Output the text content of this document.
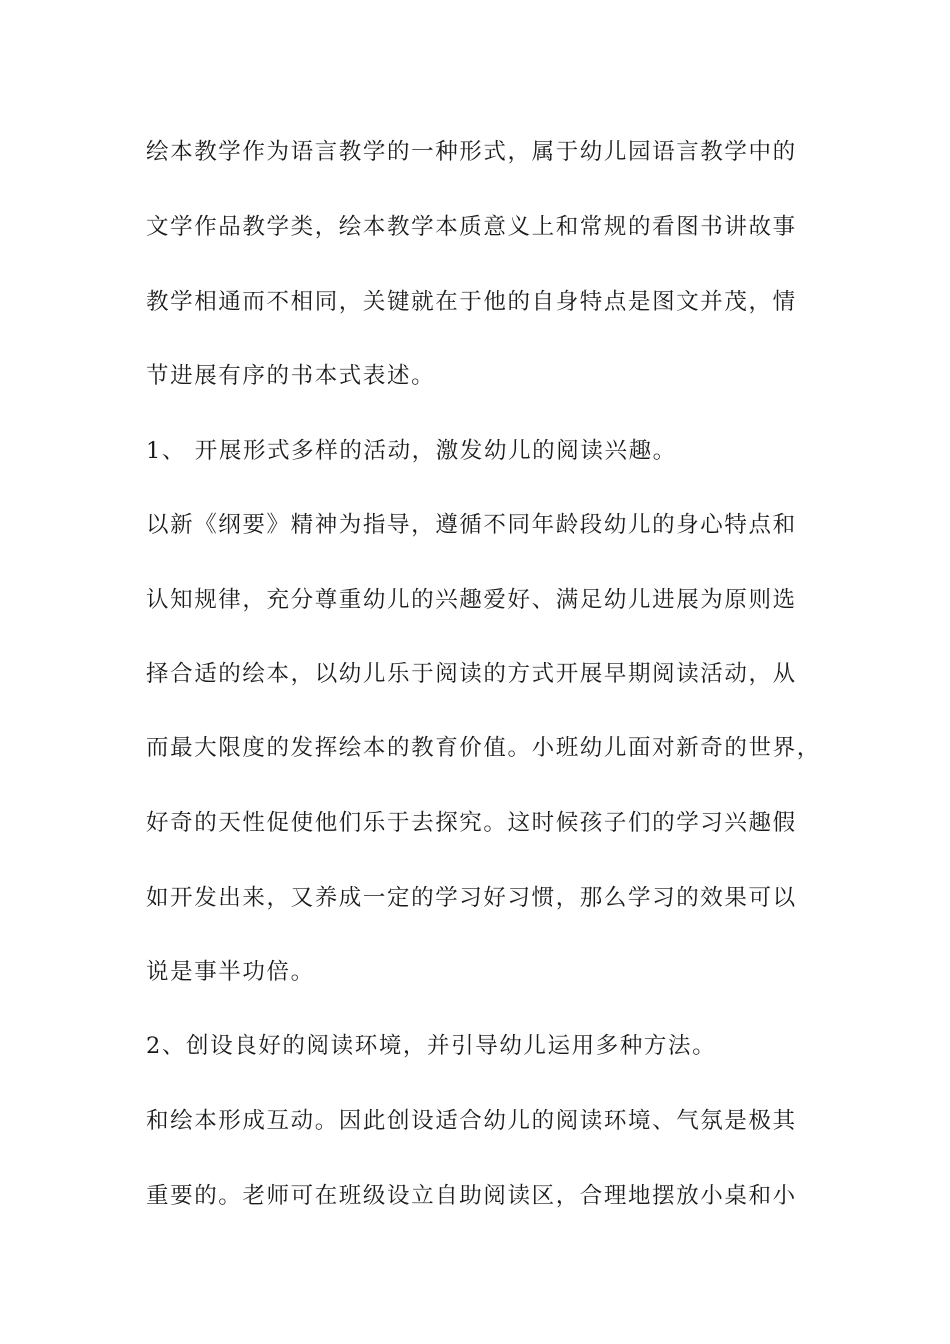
绘本教学作为语言教学的一种形式，属于幼儿园语言教学中的
文学作品教学类，绘本教学本质意义上和常规的看图书讲故事
教学相通而不相同，关键就在于他的自身特点是图文并茂，情
节进展有序的书本式表述。
1、 开展形式多样的活动，激发幼儿的阅读兴趣。
以新《纲要》精神为指导，遵循不同年龄段幼儿的身心特点和
认知规律，充分尊重幼儿的兴趣爱好、满足幼儿进展为原则选
择合适的绘本，以幼儿乐于阅读的方式开展早期阅读活动，从
而最大限度的发挥绘本的教育价值。小班幼儿面对新奇的世界，
好奇的天性促使他们乐于去探究。这时候孩子们的学习兴趣假
如开发出来，又养成一定的学习好习惯，那么学习的效果可以
说是事半功倍。
2、创设良好的阅读环境，并引导幼儿运用多种方法。
和绘本形成互动。因此创设适合幼儿的阅读环境、气氛是极其
重要的。老师可在班级设立自助阅读区，合理地摆放小桌和小
